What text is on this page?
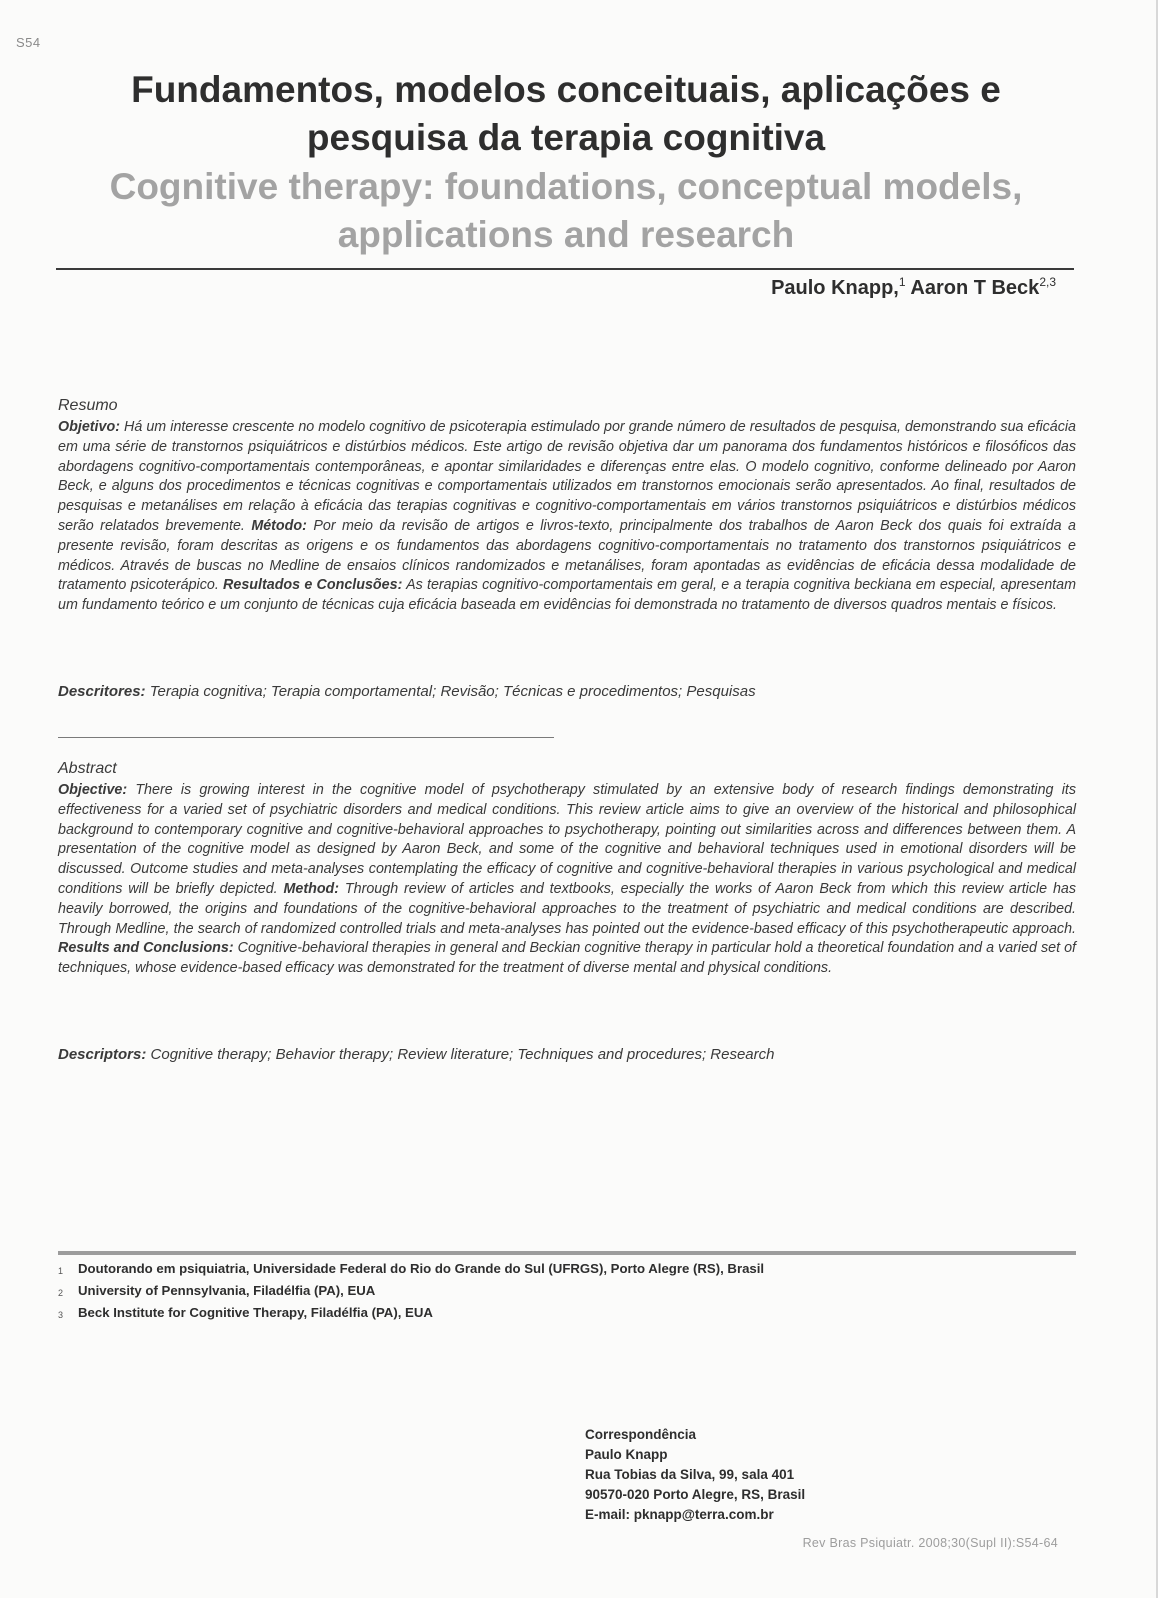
S54
Fundamentos, modelos conceituais, aplicações e pesquisa da terapia cognitiva
Cognitive therapy: foundations, conceptual models, applications and research
Paulo Knapp,$^1$ Aaron T Beck$^{2,3}$
Resumo

Objetivo: Há um interesse crescente no modelo cognitivo de psicoterapia estimulado por grande número de resultados de pesquisa, demonstrando sua eficácia em uma série de transtornos psiquiátricos e distúrbios médicos. Este artigo de revisão objetiva dar um panorama dos fundamentos históricos e filosóficos das abordagens cognitivo-comportamentais contemporâneas, e apontar similaridades e diferenças entre elas. O modelo cognitivo, conforme delineado por Aaron Beck, e alguns dos procedimentos e técnicas cognitivas e comportamentais utilizados em transtornos emocionais serão apresentados. Ao final, resultados de pesquisas e metanálises em relação à eficácia das terapias cognitivas e cognitivo-comportamentais em vários transtornos psiquiátricos e distúrbios médicos serão relatados brevemente. Método: Por meio da revisão de artigos e livros-texto, principalmente dos trabalhos de Aaron Beck dos quais foi extraída a presente revisão, foram descritas as origens e os fundamentos das abordagens cognitivo-comportamentais no tratamento dos transtornos psiquiátricos e médicos. Através de buscas no Medline de ensaios clínicos randomizados e metanálises, foram apontadas as evidências de eficácia dessa modalidade de tratamento psicoterápico. Resultados e Conclusões: As terapias cognitivo-comportamentais em geral, e a terapia cognitiva beckiana em especial, apresentam um fundamento teórico e um conjunto de técnicas cuja eficácia baseada em evidências foi demonstrada no tratamento de diversos quadros mentais e físicos.

Descritores: Terapia cognitiva; Terapia comportamental; Revisão; Técnicas e procedimentos; Pesquisas

Abstract

Objective: There is growing interest in the cognitive model of psychotherapy stimulated by an extensive body of research findings demonstrating its effectiveness for a varied set of psychiatric disorders and medical conditions. This review article aims to give an overview of the historical and philosophical background to contemporary cognitive and cognitive-behavioral approaches to psychotherapy, pointing out similarities across and differences between them. A presentation of the cognitive model as designed by Aaron Beck, and some of the cognitive and behavioral techniques used in emotional disorders will be discussed. Outcome studies and meta-analyses contemplating the efficacy of cognitive and cognitive-behavioral therapies in various psychological and medical conditions will be briefly depicted. Method: Through review of articles and textbooks, especially the works of Aaron Beck from which this review article has heavily borrowed, the origins and foundations of the cognitive-behavioral approaches to the treatment of psychiatric and medical conditions are described. Through Medline, the search of randomized controlled trials and meta-analyses has pointed out the evidence-based efficacy of this psychotherapeutic approach. Results and Conclusions: Cognitive-behavioral therapies in general and Beckian cognitive therapy in particular hold a theoretical foundation and a varied set of techniques, whose evidence-based efficacy was demonstrated for the treatment of diverse mental and physical conditions.

Descriptors: Cognitive therapy; Behavior therapy; Review literature; Techniques and procedures; Research

1	Doutorando em psiquiatria, Universidade Federal do Rio do Grande do Sul (UFRGS), Porto Alegre (RS), Brasil
2	University of Pennsylvania, Filadélfia (PA), EUA
3	Beck Institute for Cognitive Therapy, Filadélfia (PA), EUA
Correspondência
Paulo Knapp
Rua Tobias da Silva, 99, sala 401
90570-020 Porto Alegre, RS, Brasil
E-mail: pknapp@terra.com.br
Rev Bras Psiquiatr. 2008;30(Supl II):S54-64
